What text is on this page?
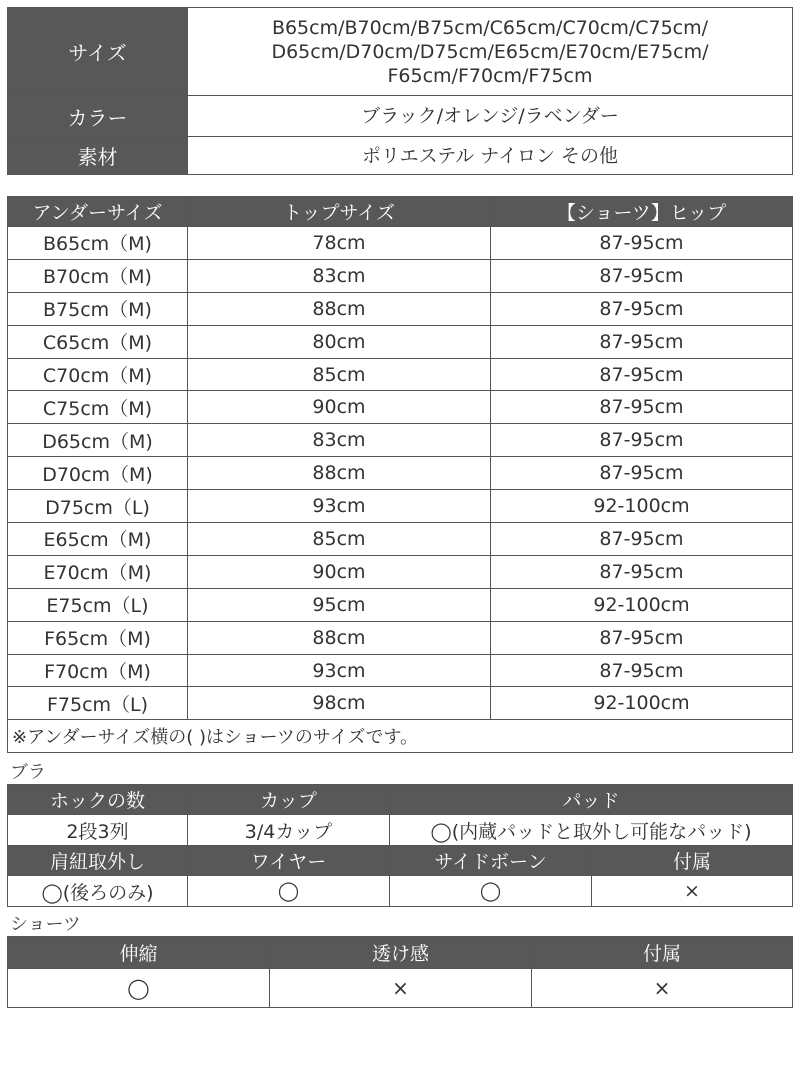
サイズ	B65cm/B70cm/B75cm/C65cm/C70cm/C75cm/
D65cm/D70cm/D75cm/E65cm/E70cm/E75cm/
F65cm/F70cm/F75cm
カラー	ブラック/オレンジ/ラベンダー
素材	ポリエステル ナイロン その他
アンダーサイズ	トップサイズ	【ショーツ】ヒップ
B65cm（M)	78cm	87-95cm
B70cm（M)	83cm	87-95cm
B75cm（M)	88cm	87-95cm
C65cm（M)	80cm	87-95cm
C70cm（M)	85cm	87-95cm
C75cm（M)	90cm	87-95cm
D65cm（M)	83cm	87-95cm
D70cm（M)	88cm	87-95cm
D75cm（L)	93cm	92-100cm
E65cm（M)	85cm	87-95cm
E70cm（M)	90cm	87-95cm
E75cm（L)	95cm	92-100cm
F65cm（M)	88cm	87-95cm
F70cm（M)	93cm	87-95cm
F75cm（L)	98cm	92-100cm
※アンダーサイズ横の( )はショーツのサイズです。		
ブラ
ホックの数	カップ	パッド	
2段3列	3/4カップ	◯(内蔵パッドと取外し可能なパッド)	
肩紐取外し	ワイヤー	サイドボーン	付属
◯(後ろのみ)	◯	◯	×
ショーツ
伸縮	透け感	付属
◯	×	×
